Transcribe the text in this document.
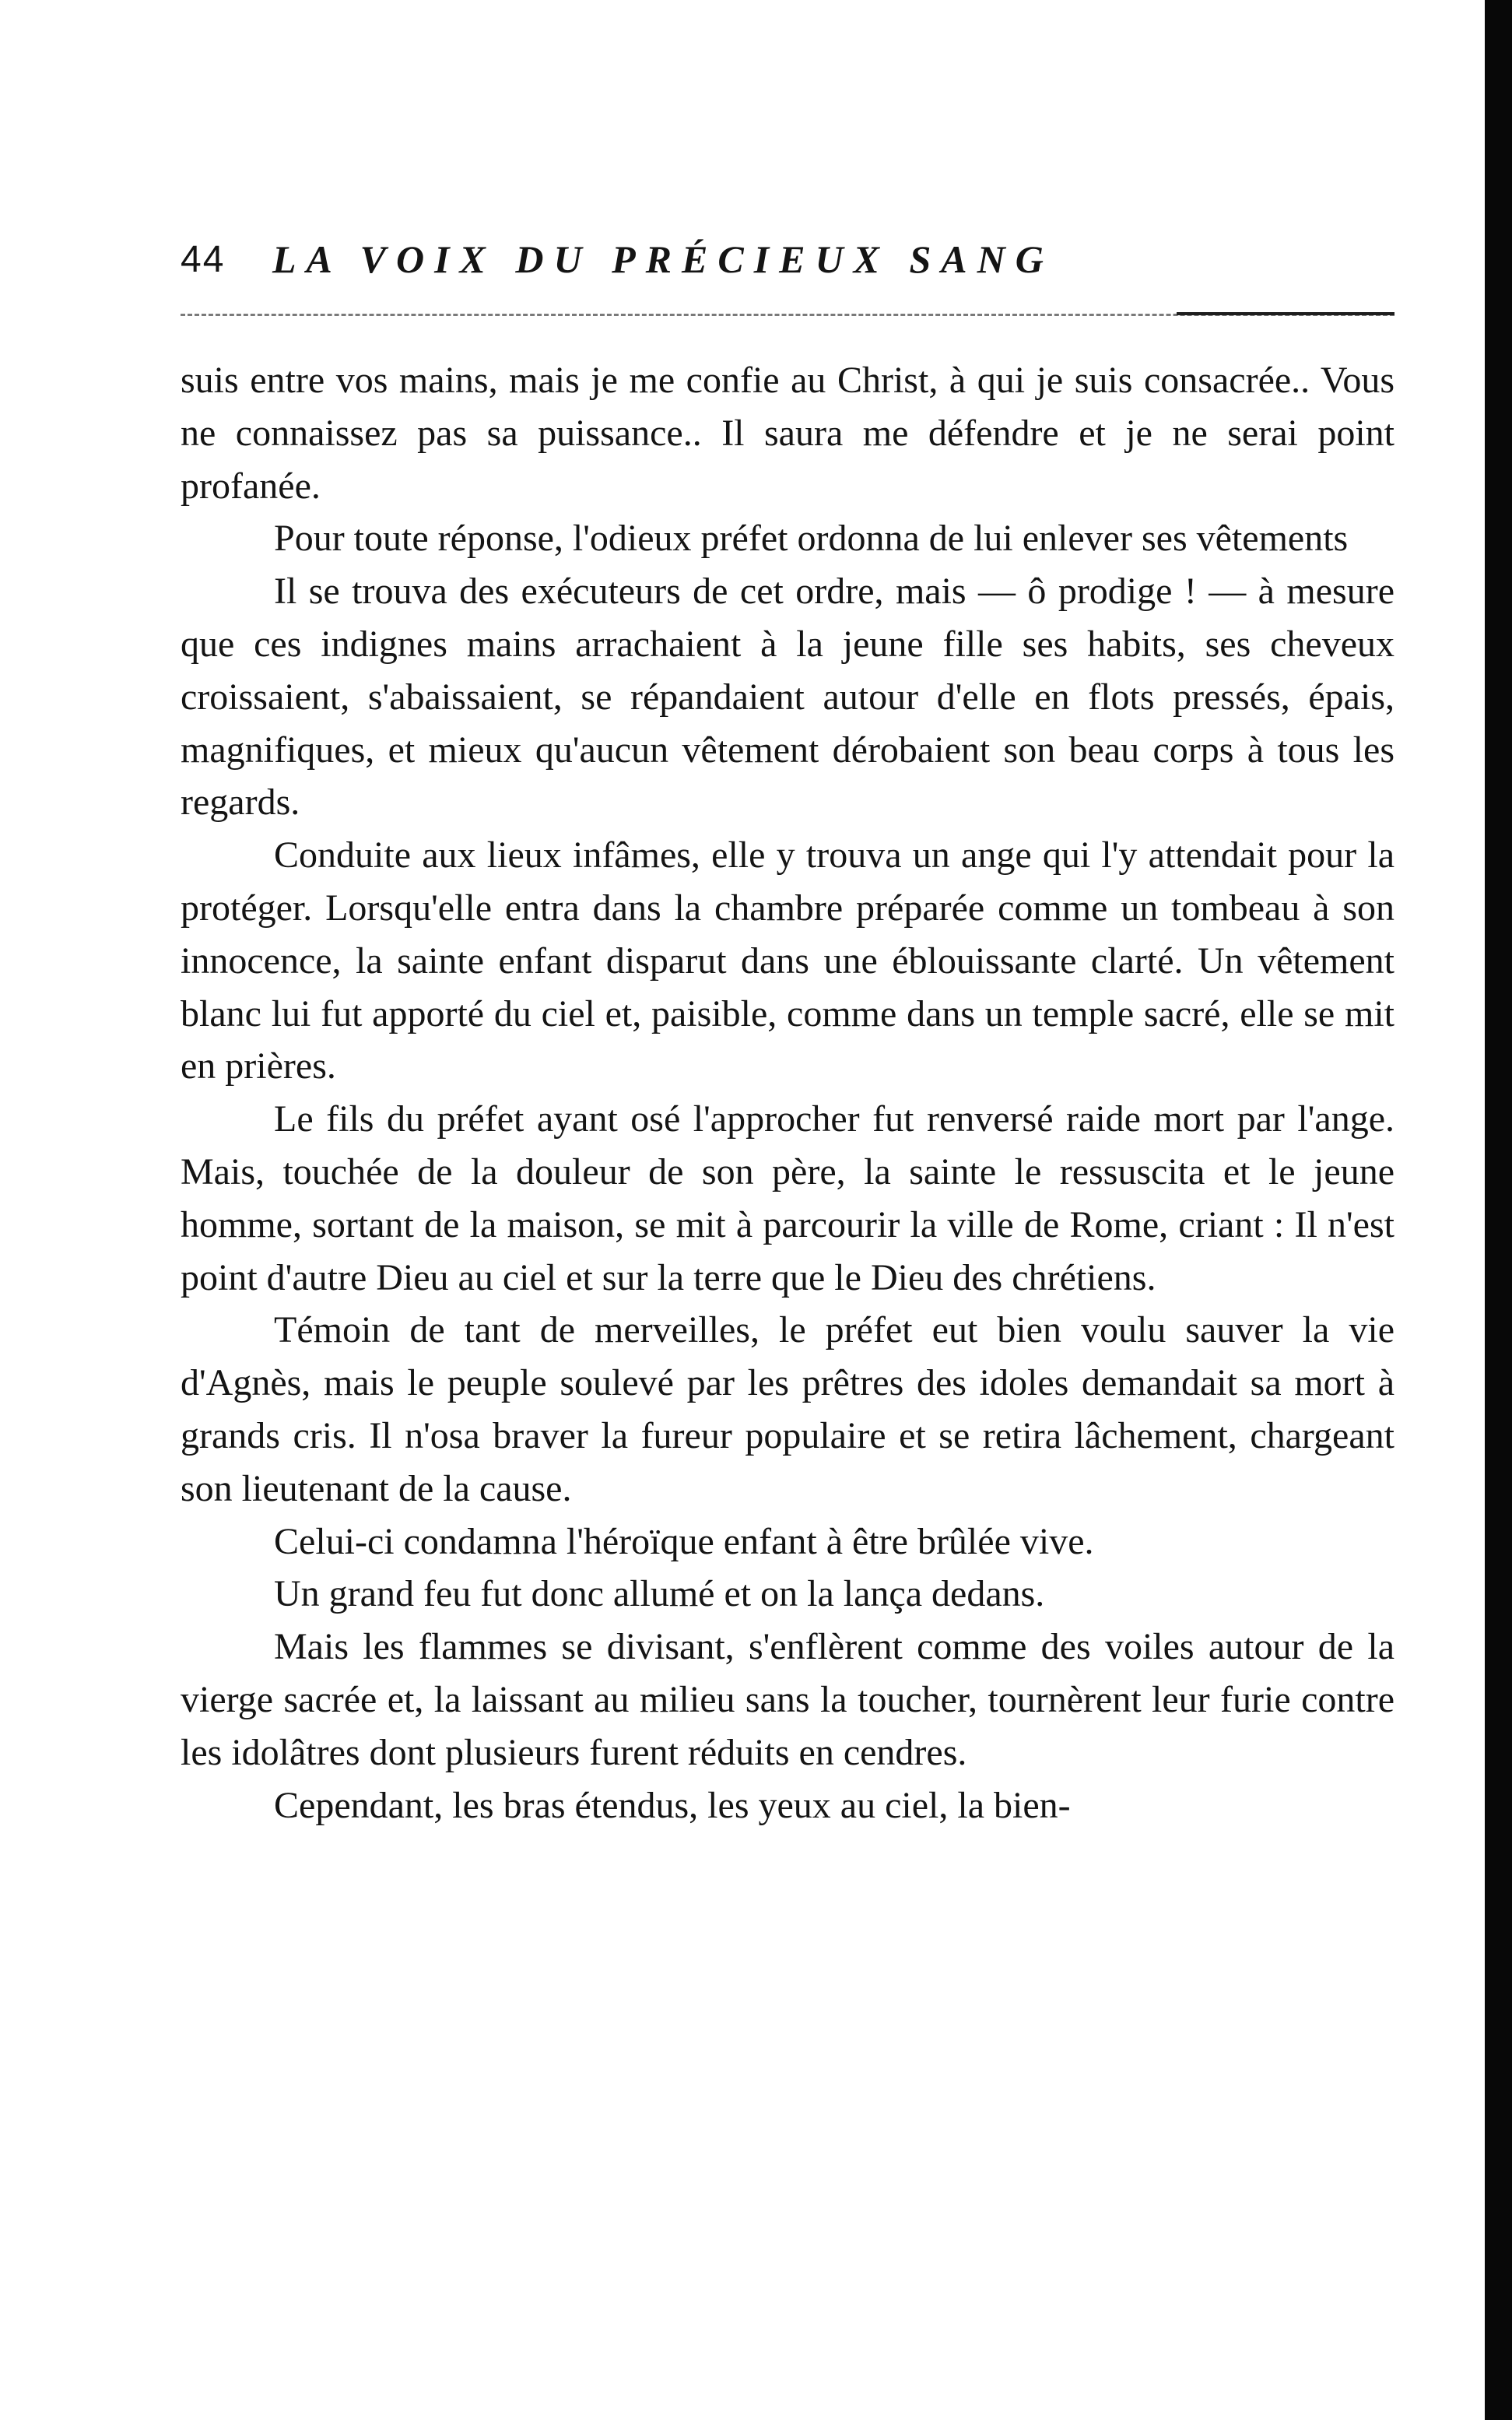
44 LA VOIX DU PRÉCIEUX SANG

suis entre vos mains, mais je me confie au Christ, à qui je suis consacrée.. Vous ne connaissez pas sa puissance.. Il saura me défendre et je ne serai point profanée.

Pour toute réponse, l'odieux préfet ordonna de lui enlever ses vêtements

Il se trouva des exécuteurs de cet ordre, mais — ô prodige ! — à mesure que ces indignes mains arrachaient à la jeune fille ses habits, ses cheveux croissaient, s'abaissaient, se répandaient autour d'elle en flots pressés, épais, magnifiques, et mieux qu'aucun vêtement dérobaient son beau corps à tous les regards.

Conduite aux lieux infâmes, elle y trouva un ange qui l'y attendait pour la protéger. Lorsqu'elle entra dans la chambre préparée comme un tombeau à son innocence, la sainte enfant disparut dans une éblouissante clarté. Un vêtement blanc lui fut apporté du ciel et, paisible, comme dans un temple sacré, elle se mit en prières.

Le fils du préfet ayant osé l'approcher fut renversé raide mort par l'ange. Mais, touchée de la douleur de son père, la sainte le ressuscita et le jeune homme, sortant de la maison, se mit à parcourir la ville de Rome, criant : Il n'est point d'autre Dieu au ciel et sur la terre que le Dieu des chrétiens.

Témoin de tant de merveilles, le préfet eut bien voulu sauver la vie d'Agnès, mais le peuple soulevé par les prêtres des idoles demandait sa mort à grands cris. Il n'osa braver la fureur populaire et se retira lâchement, chargeant son lieutenant de la cause.

Celui-ci condamna l'héroïque enfant à être brûlée vive.

Un grand feu fut donc allumé et on la lança dedans.

Mais les flammes se divisant, s'enflèrent comme des voiles autour de la vierge sacrée et, la laissant au milieu sans la toucher, tournèrent leur furie contre les idolâtres dont plusieurs furent réduits en cendres.

Cependant, les bras étendus, les yeux au ciel, la bien-
